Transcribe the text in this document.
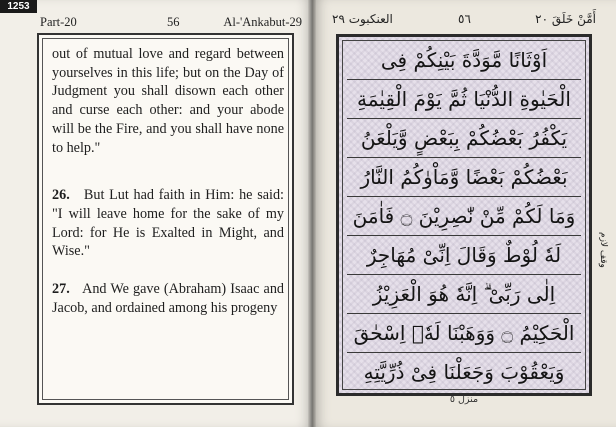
1253
Part-20	56	Al-'Ankabut-29

out of mutual love and regard between yourselves in this life; but on the Day of Judgment you shall disown each other and curse each other: and your abode will be the Fire, and you shall have none to help."

26. But Lut had faith in Him: he said: "I will leave home for the sake of my Lord: for He is Exalted in Might, and Wise."

27. And We gave (Abraham) Isaac and Jacob, and ordained among his progeny

العنكبوت ٢٩	٥٦	أَمَّنْ خَلَقَ ٢٠
اَوْثَانًا مَّوَدَّةَ بَيْنِكُمْ فِى
الْحَيٰوةِ الدُّنْيَا ثُمَّ يَوْمَ الْقِيٰمَةِ
يَكْفُرُ بَعْضُكُمْ بِبَعْضٍ وَّيَلْعَنُ
بَعْضُكُمْ بَعْضًا وَّمَاْوٰكُمُ النَّارُ
وَمَا لَكُمْ مِّنْ نّٰصِرِيْنَ ۝ فَاٰمَنَ
لَهٗ لُوْطٌ وَقَالَ اِنِّىْ مُهَاجِرٌ
اِلٰى رَبِّىْ ۗ اِنَّهٗ هُوَ الْعَزِيْزُ
الْحَكِيْمُ ۝ وَوَهَبْنَا لَهٗۤ اِسْحٰقَ
وَيَعْقُوْبَ وَجَعَلْنَا فِىْ ذُرِّيَّتِهِ
وقف لازم
منزل ٥
